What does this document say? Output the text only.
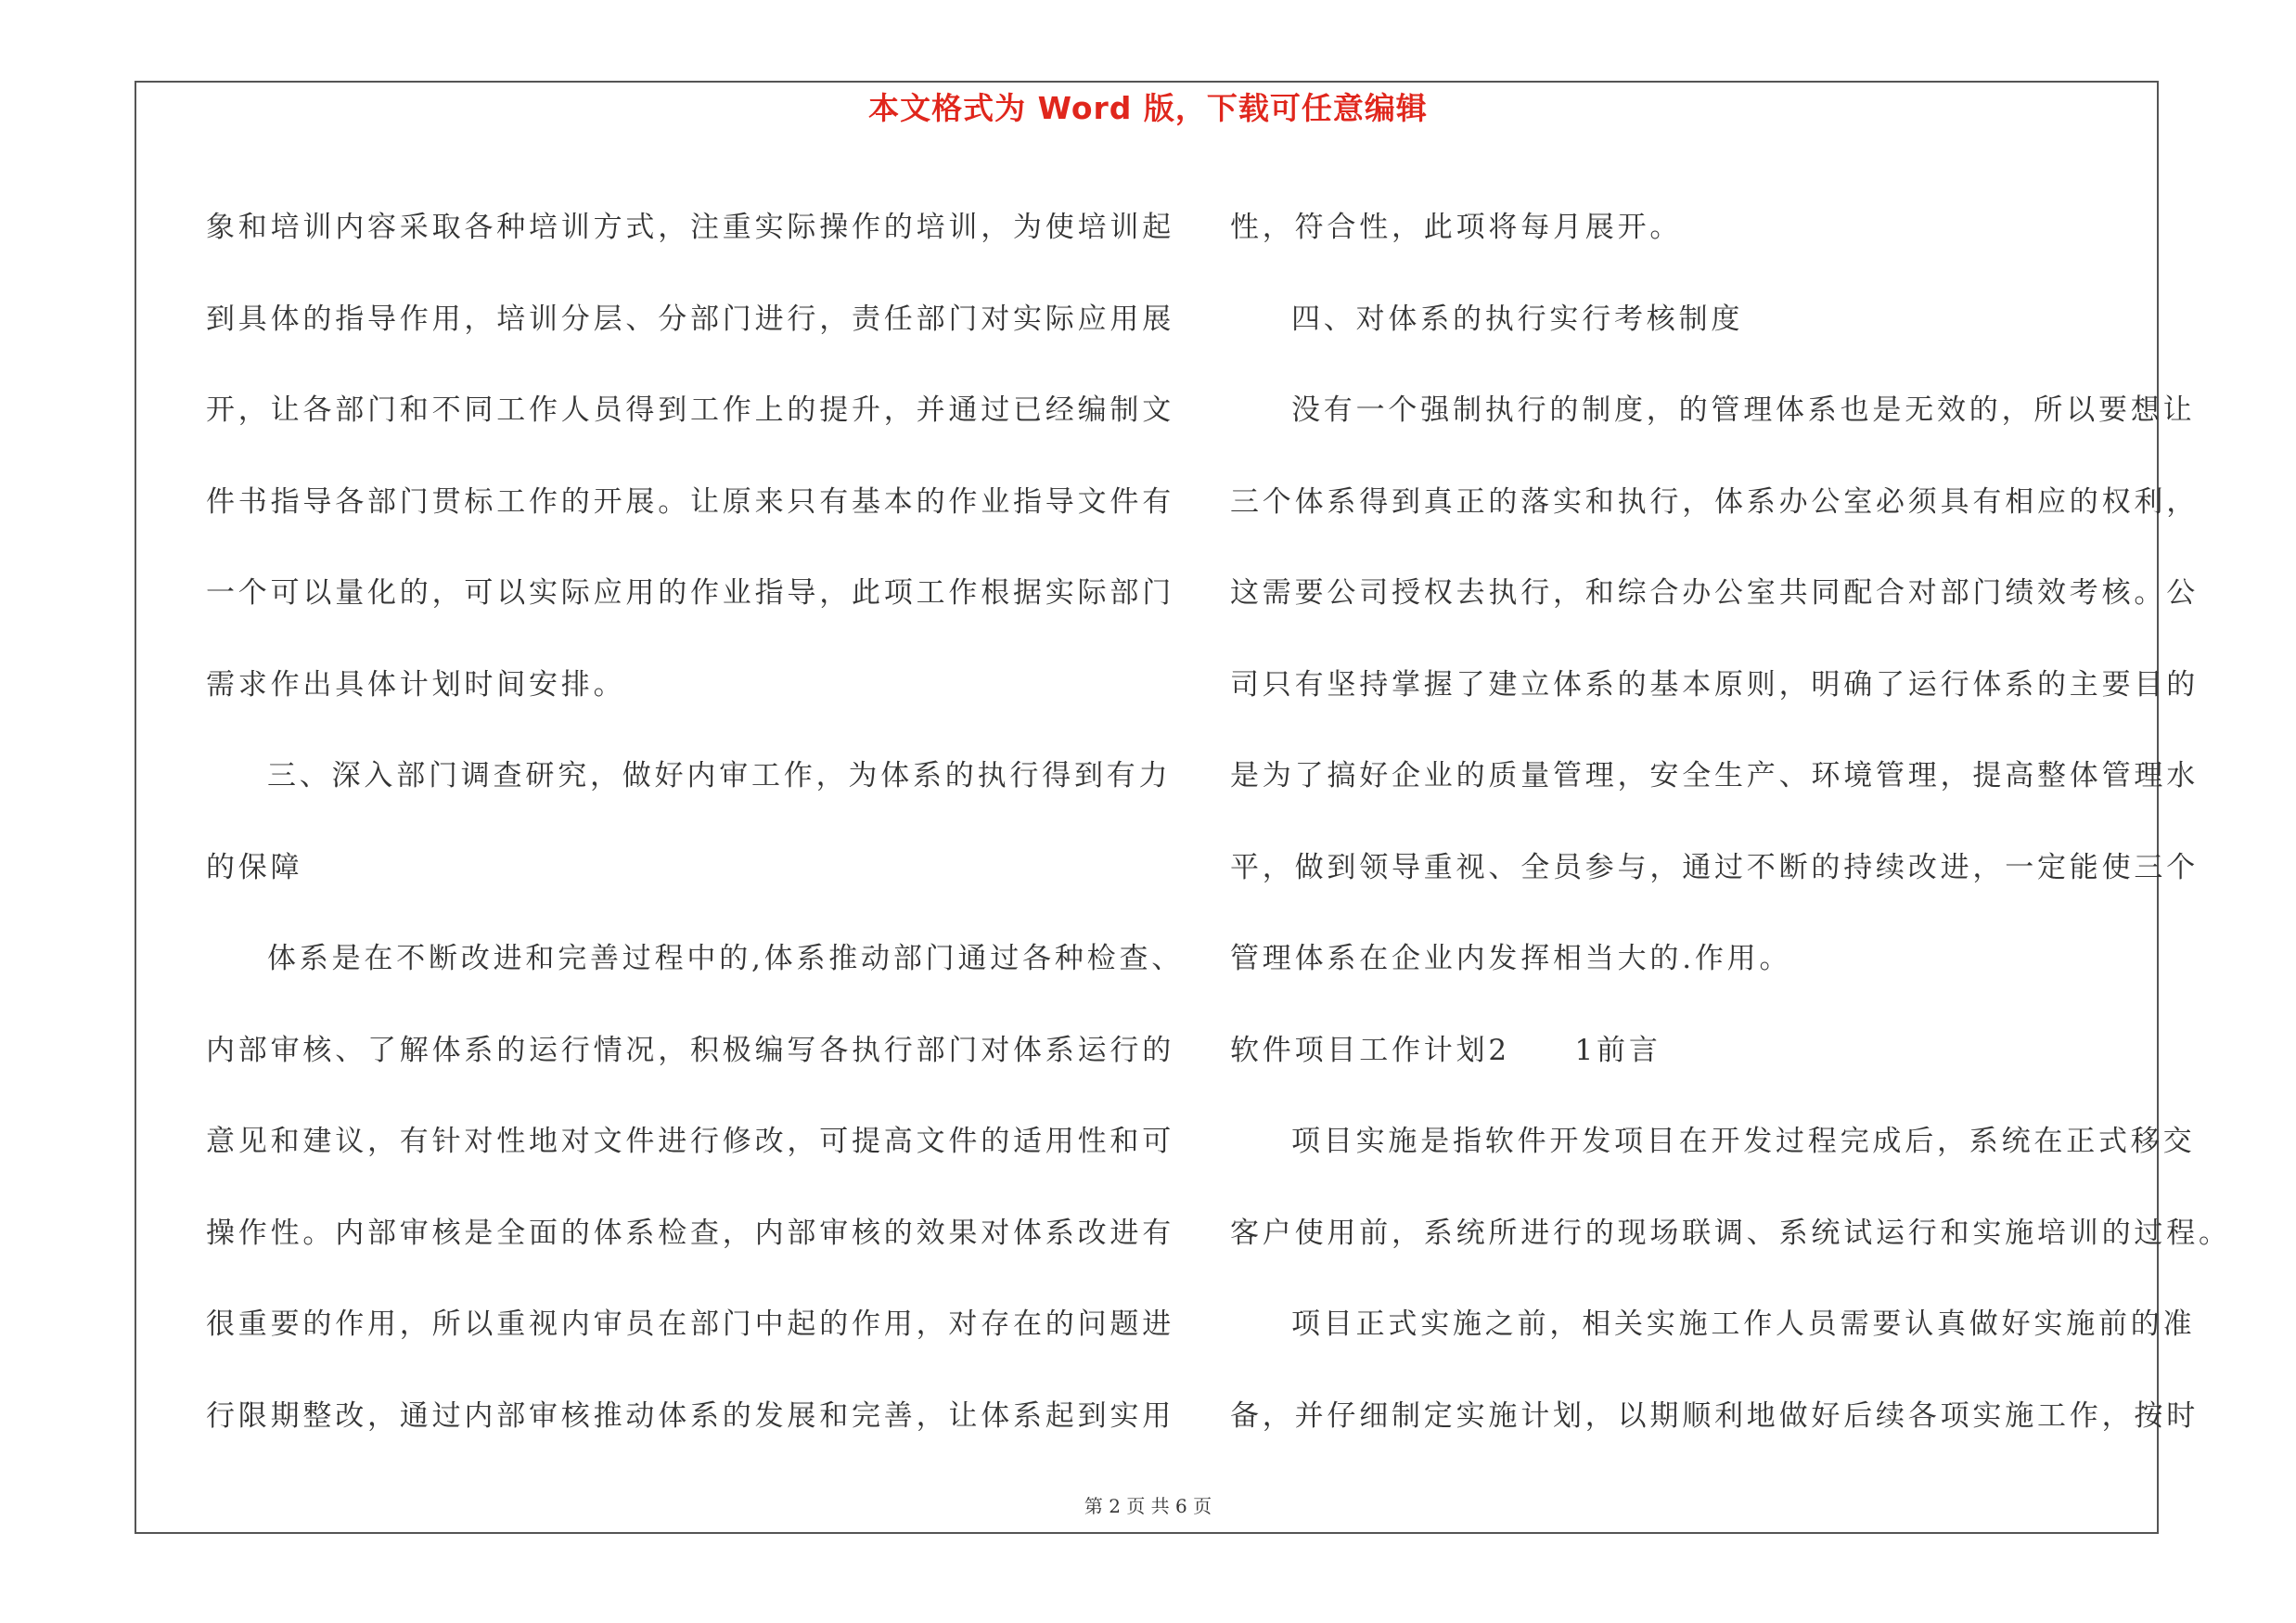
本文格式为 Word 版，下载可任意编辑
象和培训内容采取各种培训方式，注重实际操作的培训，为使培训起
到具体的指导作用，培训分层、分部门进行，责任部门对实际应用展
开，让各部门和不同工作人员得到工作上的提升，并通过已经编制文
件书指导各部门贯标工作的开展。让原来只有基本的作业指导文件有
一个可以量化的，可以实际应用的作业指导，此项工作根据实际部门
需求作出具体计划时间安排。
三、深入部门调查研究，做好内审工作，为体系的执行得到有力
的保障
体系是在不断改进和完善过程中的,体系推动部门通过各种检查、
内部审核、了解体系的运行情况，积极编写各执行部门对体系运行的
意见和建议，有针对性地对文件进行修改，可提高文件的适用性和可
操作性。内部审核是全面的体系检查，内部审核的效果对体系改进有
很重要的作用，所以重视内审员在部门中起的作用，对存在的问题进
行限期整改，通过内部审核推动体系的发展和完善，让体系起到实用
性，符合性，此项将每月展开。
四、对体系的执行实行考核制度
没有一个强制执行的制度，的管理体系也是无效的，所以要想让
三个体系得到真正的落实和执行，体系办公室必须具有相应的权利，
这需要公司授权去执行，和综合办公室共同配合对部门绩效考核。公
司只有坚持掌握了建立体系的基本原则，明确了运行体系的主要目的
是为了搞好企业的质量管理，安全生产、环境管理，提高整体管理水
平，做到领导重视、全员参与，通过不断的持续改进，一定能使三个
管理体系在企业内发挥相当大的.作用。
软件项目工作计划2　　1前言
项目实施是指软件开发项目在开发过程完成后，系统在正式移交
客户使用前，系统所进行的现场联调、系统试运行和实施培训的过程。
项目正式实施之前，相关实施工作人员需要认真做好实施前的准
备，并仔细制定实施计划，以期顺利地做好后续各项实施工作，按时
第 2 页 共 6 页
